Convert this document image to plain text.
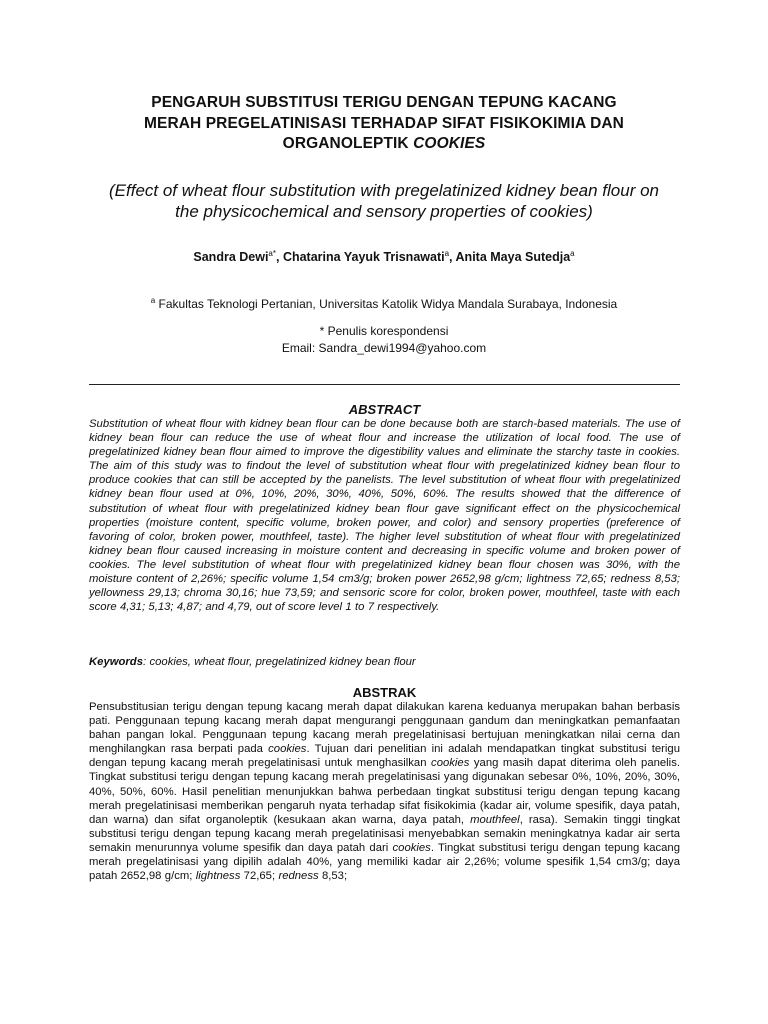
PENGARUH SUBSTITUSI TERIGU DENGAN TEPUNG KACANG
MERAH PREGELATINISASI TERHADAP SIFAT FISIKOKIMIA DAN
ORGANOLEPTIK COOKIES
(Effect of wheat flour substitution with pregelatinized kidney bean flour on
the physicochemical and sensory properties of cookies)
Sandra Dewi$^{a*}$, Chatarina Yayuk Trisnawati$^a$, Anita Maya Sutedja$^a$
$^a$ Fakultas Teknologi Pertanian, Universitas Katolik Widya Mandala Surabaya, Indonesia
* Penulis korespondensi
Email: Sandra_dewi1994@yahoo.com
ABSTRACT
Substitution of wheat flour with kidney bean flour can be done because both are starch-based materials. The use of kidney bean flour can reduce the use of wheat flour and increase the utilization of local food. The use of pregelatinized kidney bean flour aimed to improve the digestibility values and eliminate the starchy taste in cookies. The aim of this study was to findout the level of substitution wheat flour with pregelatinized kidney bean flour to produce cookies that can still be accepted by the panelists. The level substitution of wheat flour with pregelatinized kidney bean flour used at 0%, 10%, 20%, 30%, 40%, 50%, 60%. The results showed that the difference of substitution of wheat flour with pregelatinized kidney bean flour gave significant effect on the physicochemical properties (moisture content, specific volume, broken power, and color) and sensory properties (preference of favoring of color, broken power, mouthfeel, taste). The higher level substitution of wheat flour with pregelatinized kidney bean flour caused increasing in moisture content and decreasing in specific volume and broken power of cookies. The level substitution of wheat flour with pregelatinized kidney bean flour chosen was 30%, with the moisture content of 2,26%; specific volume 1,54 cm3/g; broken power 2652,98 g/cm; lightness 72,65; redness 8,53; yellowness 29,13; chroma 30,16; hue 73,59; and sensoric score for color, broken power, mouthfeel, taste with each score 4,31; 5,13; 4,87; and 4,79, out of score level 1 to 7 respectively.
Keywords: cookies, wheat flour, pregelatinized kidney bean flour
ABSTRAK
Pensubstitusian terigu dengan tepung kacang merah dapat dilakukan karena keduanya merupakan bahan berbasis pati. Penggunaan tepung kacang merah dapat mengurangi penggunaan gandum dan meningkatkan pemanfaatan bahan pangan lokal. Penggunaan tepung kacang merah pregelatinisasi bertujuan meningkatkan nilai cerna dan menghilangkan rasa berpati pada cookies. Tujuan dari penelitian ini adalah mendapatkan tingkat substitusi terigu dengan tepung kacang merah pregelatinisasi untuk menghasilkan cookies yang masih dapat diterima oleh panelis. Tingkat substitusi terigu dengan tepung kacang merah pregelatinisasi yang digunakan sebesar 0%, 10%, 20%, 30%, 40%, 50%, 60%. Hasil penelitian menunjukkan bahwa perbedaan tingkat substitusi terigu dengan tepung kacang merah pregelatinisasi memberikan pengaruh nyata terhadap sifat fisikokimia (kadar air, volume spesifik, daya patah, dan warna) dan sifat organoleptik (kesukaan akan warna, daya patah, mouthfeel, rasa). Semakin tinggi tingkat substitusi terigu dengan tepung kacang merah pregelatinisasi menyebabkan semakin meningkatnya kadar air serta semakin menurunnya volume spesifik dan daya patah dari cookies. Tingkat substitusi terigu dengan tepung kacang merah pregelatinisasi yang dipilih adalah 40%, yang memiliki kadar air 2,26%; volume spesifik 1,54 cm3/g; daya patah 2652,98 g/cm; lightness 72,65; redness 8,53;
